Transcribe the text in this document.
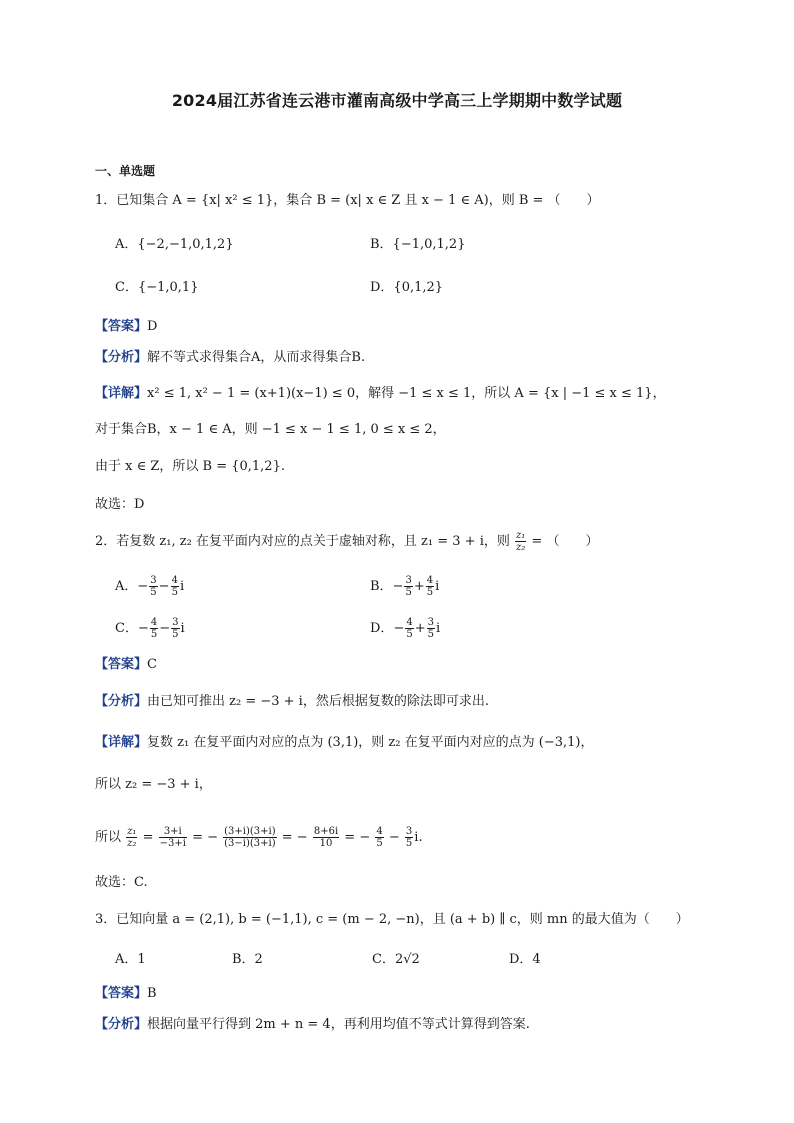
2024届江苏省连云港市灌南高级中学高三上学期期中数学试题
一、单选题
1．已知集合 A = {x| x² ≤ 1}，集合 B = (x| x ∈ Z 且 x − 1 ∈ A)，则 B = （　　）
A．{−2,−1,0,1,2}	B．{−1,0,1,2}
C．{−1,0,1}	D．{0,1,2}
【答案】D
【分析】解不等式求得集合A，从而求得集合B.
【详解】x² ≤ 1, x² − 1 = (x+1)(x−1) ≤ 0，解得 −1 ≤ x ≤ 1，所以 A = {x | −1 ≤ x ≤ 1}，
对于集合B，x − 1 ∈ A，则 −1 ≤ x − 1 ≤ 1, 0 ≤ x ≤ 2，
由于 x ∈ Z，所以 B = {0,1,2}.
故选：D
2．若复数 z₁, z₂ 在复平面内对应的点关于虚轴对称，且 z₁ = 3 + i，则 $\frac{\text{z₁}}{\text{z₂}}$ = （　　）
A．− $\frac{3}{5} - \frac{4}{5}$ i	B．− $\frac{3}{5} + \frac{4}{5}$ i
C．− $\frac{4}{5} - \frac{3}{5}$ i	D．− $\frac{4}{5} + \frac{3}{5}$ i
【答案】C
【分析】由已知可推出 z₂ = −3 + i，然后根据复数的除法即可求出.
【详解】复数 z₁ 在复平面内对应的点为 (3,1)，则 z₂ 在复平面内对应的点为 (−3,1)，
所以 z₂ = −3 + i，
所以 $\frac{\text{z₁}}{\text{z₂}} = \frac{3+i}{-3+i}$ = − $\frac{(3+i)(3+i)}{(3-i)(3+i)}$ = − $\frac{8+6i}{10}$ = − $\frac{4}{5} - \frac{3}{5} i$.
故选：C.
3．已知向量 a = (2,1), b = (−1,1), c = (m − 2, −n)，且 (a + b) ∥ c，则 mn 的最大值为（　　）
A．1	B．2	C．2√2	D．4
【答案】B
【分析】根据向量平行得到 2m + n = 4，再利用均值不等式计算得到答案.
